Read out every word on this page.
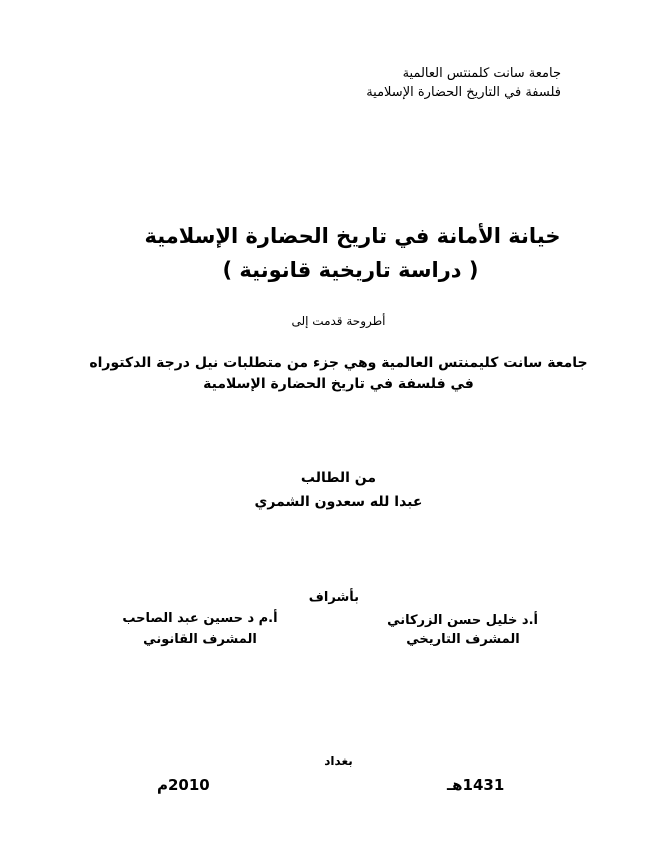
جامعة سانت كلمنتس العالمية
فلسفة في التاريخ الحضارة الإسلامية
خيانة الأمانة في تاريخ الحضارة الإسلامية
( دراسة تاريخية قانونية )
أطروحة قدمت إلى
جامعة سانت كليمنتس العالمية وهي جزء من متطلبات نيل درجة الدكتوراه
في فلسفة في تاريخ الحضارة الإسلامية
من الطالب
عبدا لله سعدون الشمري
بأشراف
أ.د خليل حسن الزركاني
المشرف التاريخي
أ.م د حسين عبد الصاحب
المشرف القانوني
بغداد
1431هـ
2010م
